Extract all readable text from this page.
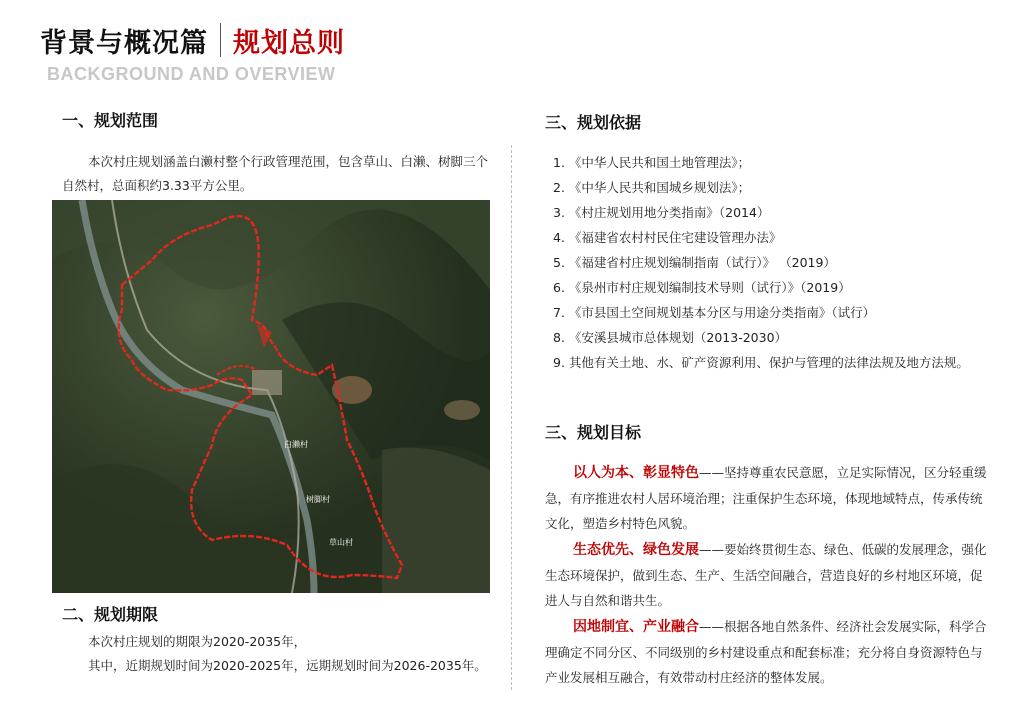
背景与概况篇 规划总则
BACKGROUND AND OVERVIEW
一、规划范围
本次村庄规划涵盖白濑村整个行政管理范围，包含草山、白濑、树脚三个自然村，总面积约3.33平方公里。
白濑村
树脚村
草山村
二、规划期限
本次村庄规划的期限为2020-2035年，
其中，近期规划时间为2020-2025年，远期规划时间为2026-2035年。
三、规划依据
1. 《中华人民共和国土地管理法》；
2. 《中华人民共和国城乡规划法》；
3. 《村庄规划用地分类指南》（2014）
4. 《福建省农村村民住宅建设管理办法》
5. 《福建省村庄规划编制指南（试行）》 （2019）
6. 《泉州市村庄规划编制技术导则（试行）》（2019）
7. 《市县国土空间规划基本分区与用途分类指南》（试行）
8. 《安溪县城市总体规划（2013-2030）
9. 其他有关土地、水、矿产资源利用、保护与管理的法律法规及地方法规。
三、规划目标
以人为本、彰显特色——坚持尊重农民意愿，立足实际情况，区分轻重缓急，有序推进农村人居环境治理；注重保护生态环境，体现地域特点，传承传统文化，塑造乡村特色风貌。
生态优先、绿色发展——要始终贯彻生态、绿色、低碳的发展理念，强化生态环境保护，做到生态、生产、生活空间融合，营造良好的乡村地区环境，促进人与自然和谐共生。
因地制宜、产业融合——根据各地自然条件、经济社会发展实际，科学合理确定不同分区、不同级别的乡村建设重点和配套标准；充分将自身资源特色与产业发展相互融合，有效带动村庄经济的整体发展。
